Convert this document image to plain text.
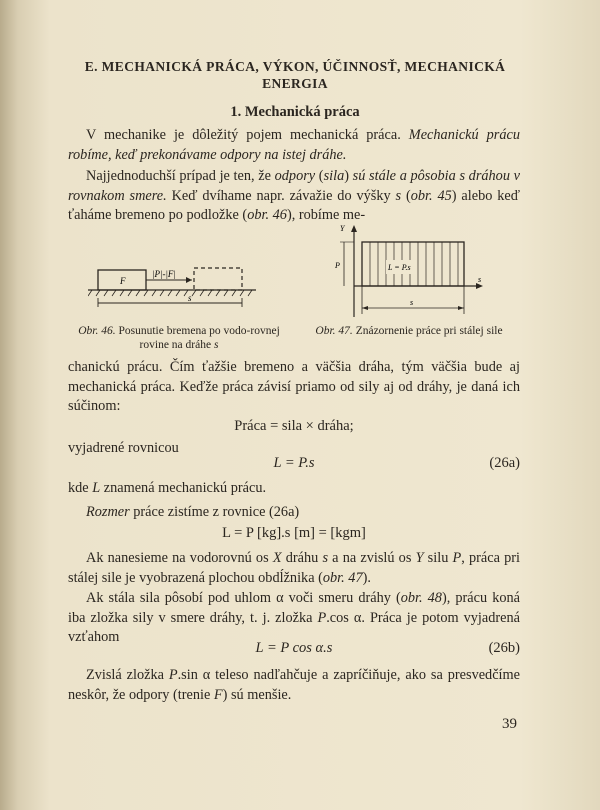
E. MECHANICKÁ PRÁCA, VÝKON, ÚČINNOSŤ, MECHANICKÁ
ENERGIA
1. Mechanická práca
V mechanike je dôležitý pojem mechanická práca. Mechanickú prácu robíme, keď prekonávame odpory na istej dráhe.
Najjednoduchší prípad je ten, že odpory (sila) sú stále a pôsobia s dráhou v rovnakom smere. Keď dvíhame napr. závažie do výšky s (obr. 45) alebo keď ťaháme bremeno po podložke (obr. 46), robíme me-
F
|P|-|F|
s
Obr. 46. Posunutie bremena po vodo-rovnej rovine na dráhe s
Y
s
L = P.s
P
s
Obr. 47. Znázornenie práce pri stálej sile
chanickú prácu. Čím ťažšie bremeno a väčšia dráha, tým väčšia bude aj mechanická práca. Keďže práca závisí priamo od sily aj od dráhy, je daná ich súčinom:
Práca = sila × dráha;
vyjadrené rovnicou
L = P.s	(26a)
kde L znamená mechanickú prácu.
Rozmer práce zistíme z rovnice (26a)
L = P [kg].s [m] = [kgm]
Ak nanesieme na vodorovnú os X dráhu s a na zvislú os Y silu P, práca pri stálej sile je vyobrazená plochou obdĺžnika (obr. 47).
Ak stála sila pôsobí pod uhlom α voči smeru dráhy (obr. 48), prácu koná iba zložka sily v smere dráhy, t. j. zložka P.cos α. Práca je potom vyjadrená vzťahom
L = P cos α.s	(26b)
Zvislá zložka P.sin α teleso nadľahčuje a zapríčiňuje, ako sa presvedčíme neskôr, že odpory (trenie F) sú menšie.
39
